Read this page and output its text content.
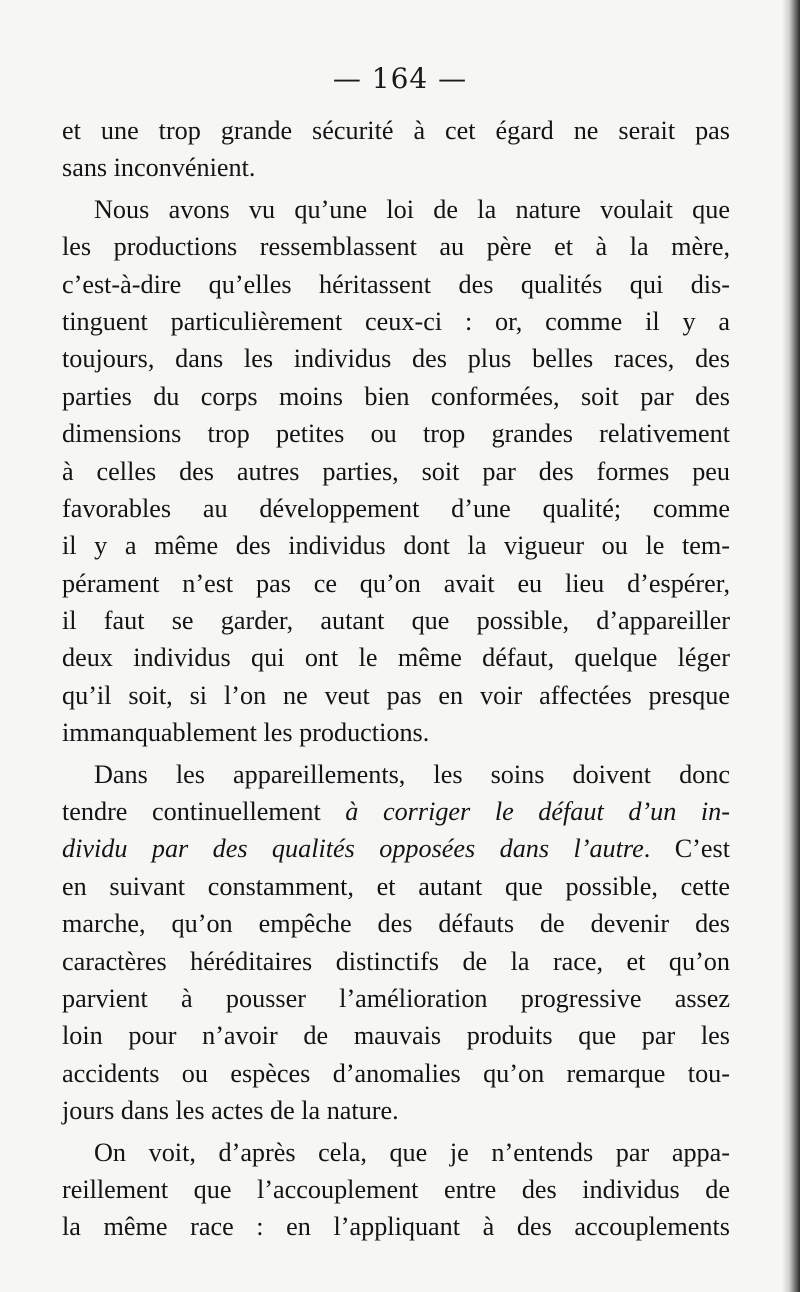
— 164 —
et une trop grande sécurité à cet égard ne serait pas
sans inconvénient.
Nous avons vu qu’une loi de la nature voulait que
les productions ressemblassent au père et à la mère,
c’est-à-dire qu’elles héritassent des qualités qui dis-
tinguent particulièrement ceux-ci : or, comme il y a
toujours, dans les individus des plus belles races, des
parties du corps moins bien conformées, soit par des
dimensions trop petites ou trop grandes relativement
à celles des autres parties, soit par des formes peu
favorables au développement d’une qualité; comme
il y a même des individus dont la vigueur ou le tem-
pérament n’est pas ce qu’on avait eu lieu d’espérer,
il faut se garder, autant que possible, d’appareiller
deux individus qui ont le même défaut, quelque léger
qu’il soit, si l’on ne veut pas en voir affectées presque
immanquablement les productions.
Dans les appareillements, les soins doivent donc
tendre continuellement à corriger le défaut d’un in-
dividu par des qualités opposées dans l’autre. C’est
en suivant constamment, et autant que possible, cette
marche, qu’on empêche des défauts de devenir des
caractères héréditaires distinctifs de la race, et qu’on
parvient à pousser l’amélioration progressive assez
loin pour n’avoir de mauvais produits que par les
accidents ou espèces d’anomalies qu’on remarque tou-
jours dans les actes de la nature.
On voit, d’après cela, que je n’entends par appa-
reillement que l’accouplement entre des individus de
la même race : en l’appliquant à des accouplements
